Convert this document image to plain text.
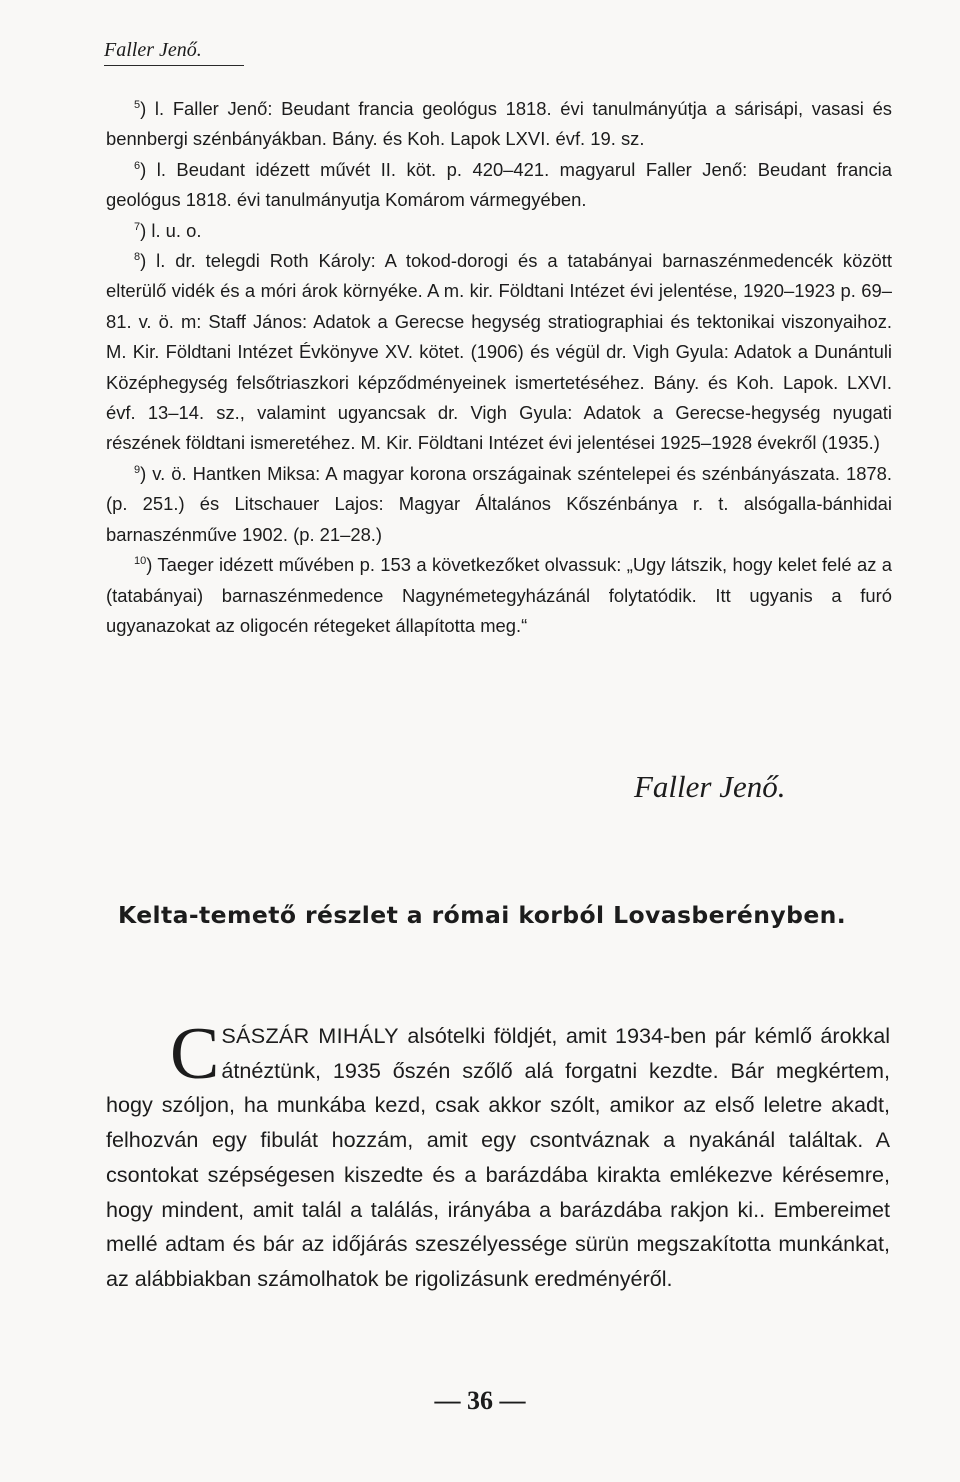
Faller Jenő.

$^5$) l. Faller Jenő: Beudant francia geológus 1818. évi tanulmányútja a sárisápi, vasasi és bennbergi szénbányákban. Bány. és Koh. Lapok LXVI. évf. 19. sz.

$^6$) l. Beudant idézett művét II. köt. p. 420–421. magyarul Faller Jenő: Beudant francia geológus 1818. évi tanulmányutja Komárom vármegyében.

$^7$) l. u. o.

$^8$) l. dr. telegdi Roth Károly: A tokod-dorogi és a tatabányai barnaszénmedencék között elterülő vidék és a móri árok környéke. A m. kir. Földtani Intézet évi jelentése, 1920–1923 p. 69–81. v. ö. m: Staff János: Adatok a Gerecse hegység stratiographiai és tektonikai viszonyaihoz. M. Kir. Földtani Intézet Évkönyve XV. kötet. (1906) és végül dr. Vigh Gyula: Adatok a Dunántuli Középhegység felsőtriaszkori képződményeinek ismertetéséhez. Bány. és Koh. Lapok. LXVI. évf. 13–14. sz., valamint ugyancsak dr. Vigh Gyula: Adatok a Gerecse-hegység nyugati részének földtani ismeretéhez. M. Kir. Földtani Intézet évi jelentései 1925–1928 évekről (1935.)

$^9$) v. ö. Hantken Miksa: A magyar korona országainak széntelepei és szénbányászata. 1878. (p. 251.) és Litschauer Lajos: Magyar Általános Kőszénbánya r. t. alsógalla-bánhidai barnaszénműve 1902. (p. 21–28.)

$^{10}$) Taeger idézett művében p. 153 a következőket olvassuk: „Ugy látszik, hogy kelet felé az a (tatabányai) barnaszénmedence Nagynémetegyházánál folytatódik. Itt ugyanis a furó ugyanazokat az oligocén rétegeket állapította meg.“

Faller Jenő.
Kelta-temető részlet a római korból Lovasberényben.

CSÁSZÁR MIHÁLY alsótelki földjét, amit 1934-ben pár kémlő árokkal átnéztünk, 1935 őszén szőlő alá forgatni kezdte. Bár megkértem, hogy szóljon, ha munkába kezd, csak akkor szólt, amikor az első leletre akadt, felhozván egy fibulát hozzám, amit egy csontváznak a nyakánál találtak. A csontokat szépségesen kiszedte és a barázdába kirakta emlékezve kérésemre, hogy mindent, amit talál a találás, irányába a barázdába rakjon ki.. Embereimet mellé adtam és bár az időjárás szeszélyessége sürün megszakította munkánkat, az alábbiakban számolhatok be rigolizásunk eredményéről.

— 36 —
